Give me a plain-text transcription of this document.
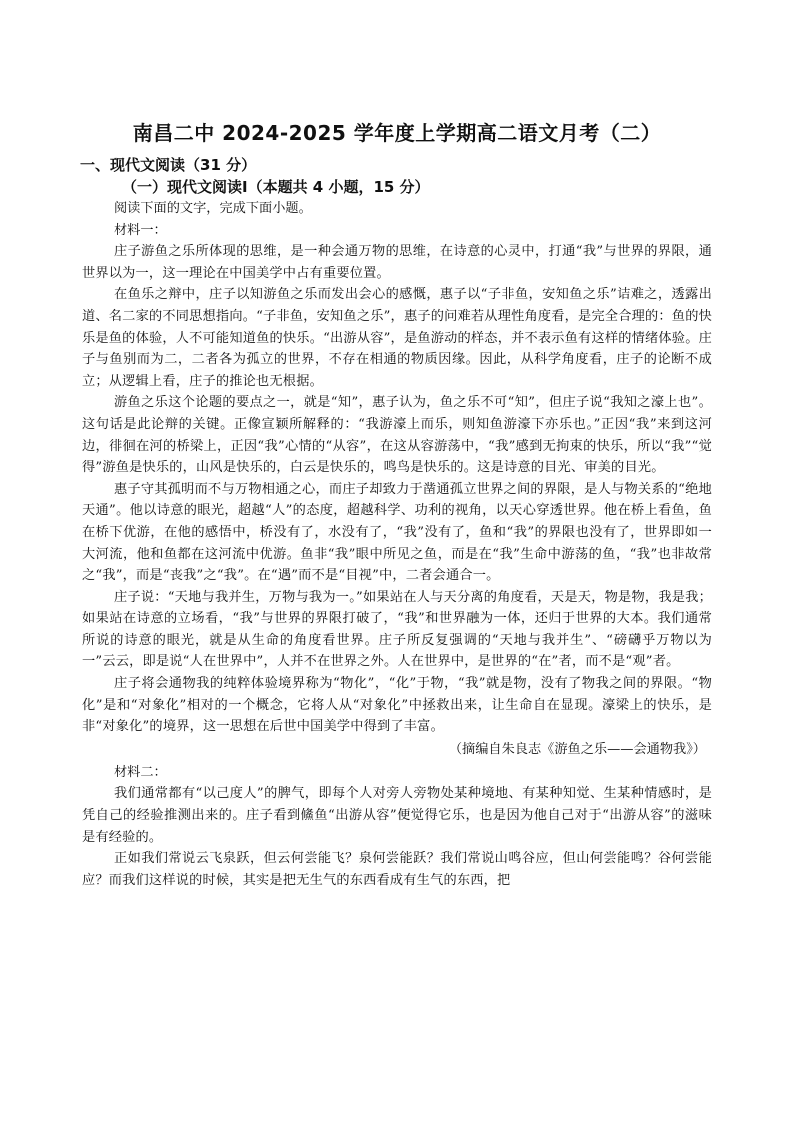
南昌二中 2024-2025 学年度上学期高二语文月考（二）
一、现代文阅读（31 分）
（一）现代文阅读Ⅰ（本题共 4 小题，15 分）
阅读下面的文字，完成下面小题。
材料一：
庄子游鱼之乐所体现的思维，是一种会通万物的思维，在诗意的心灵中，打通“我”与世界的界限，通世界以为一，这一理论在中国美学中占有重要位置。
在鱼乐之辩中，庄子以知游鱼之乐而发出会心的感慨，惠子以“子非鱼，安知鱼之乐”诘难之，透露出道、名二家的不同思想指向。“子非鱼，安知鱼之乐”，惠子的问难若从理性角度看，是完全合理的：鱼的快乐是鱼的体验，人不可能知道鱼的快乐。“出游从容”，是鱼游动的样态，并不表示鱼有这样的情绪体验。庄子与鱼别而为二，二者各为孤立的世界，不存在相通的物质因缘。因此，从科学角度看，庄子的论断不成立；从逻辑上看，庄子的推论也无根据。
游鱼之乐这个论题的要点之一，就是“知”，惠子认为，鱼之乐不可“知”，但庄子说“我知之濠上也”。这句话是此论辩的关键。正像宣颖所解释的：“我游濠上而乐，则知鱼游濠下亦乐也。”正因“我”来到这河边，徘徊在河的桥梁上，正因“我”心情的“从容”，在这从容游荡中，“我”感到无拘束的快乐，所以“我”“觉得”游鱼是快乐的，山风是快乐的，白云是快乐的，鸣鸟是快乐的。这是诗意的目光、审美的目光。
惠子守其孤明而不与万物相通之心，而庄子却致力于凿通孤立世界之间的界限，是人与物关系的“绝地天通”。他以诗意的眼光，超越“人”的态度，超越科学、功利的视角，以天心穿透世界。他在桥上看鱼，鱼在桥下优游，在他的感悟中，桥没有了，水没有了，“我”没有了，鱼和“我”的界限也没有了，世界即如一大河流，他和鱼都在这河流中优游。鱼非“我”眼中所见之鱼，而是在“我”生命中游荡的鱼，“我”也非故常之“我”，而是“丧我”之“我”。在“遇”而不是“目视”中，二者会通合一。
庄子说：“天地与我并生，万物与我为一。”如果站在人与天分离的角度看，天是天，物是物，我是我；如果站在诗意的立场看，“我”与世界的界限打破了，“我”和世界融为一体，还归于世界的大本。我们通常所说的诗意的眼光，就是从生命的角度看世界。庄子所反复强调的“天地与我并生”、“磅礴乎万物以为一”云云，即是说“人在世界中”，人并不在世界之外。人在世界中，是世界的“在”者，而不是“观”者。
庄子将会通物我的纯粹体验境界称为“物化”，“化”于物，“我”就是物，没有了物我之间的界限。“物化”是和“对象化”相对的一个概念，它将人从“对象化”中拯救出来，让生命自在显现。濠梁上的快乐，是非“对象化”的境界，这一思想在后世中国美学中得到了丰富。
（摘编自朱良志《游鱼之乐——会通物我》）
材料二：
我们通常都有“以己度人”的脾气，即每个人对旁人旁物处某种境地、有某种知觉、生某种情感时，是凭自己的经验推测出来的。庄子看到鯈鱼“出游从容”便觉得它乐，也是因为他自己对于“出游从容”的滋味是有经验的。
正如我们常说云飞泉跃，但云何尝能飞？泉何尝能跃？我们常说山鸣谷应，但山何尝能鸣？谷何尝能应？而我们这样说的时候，其实是把无生气的东西看成有生气的东西，把
